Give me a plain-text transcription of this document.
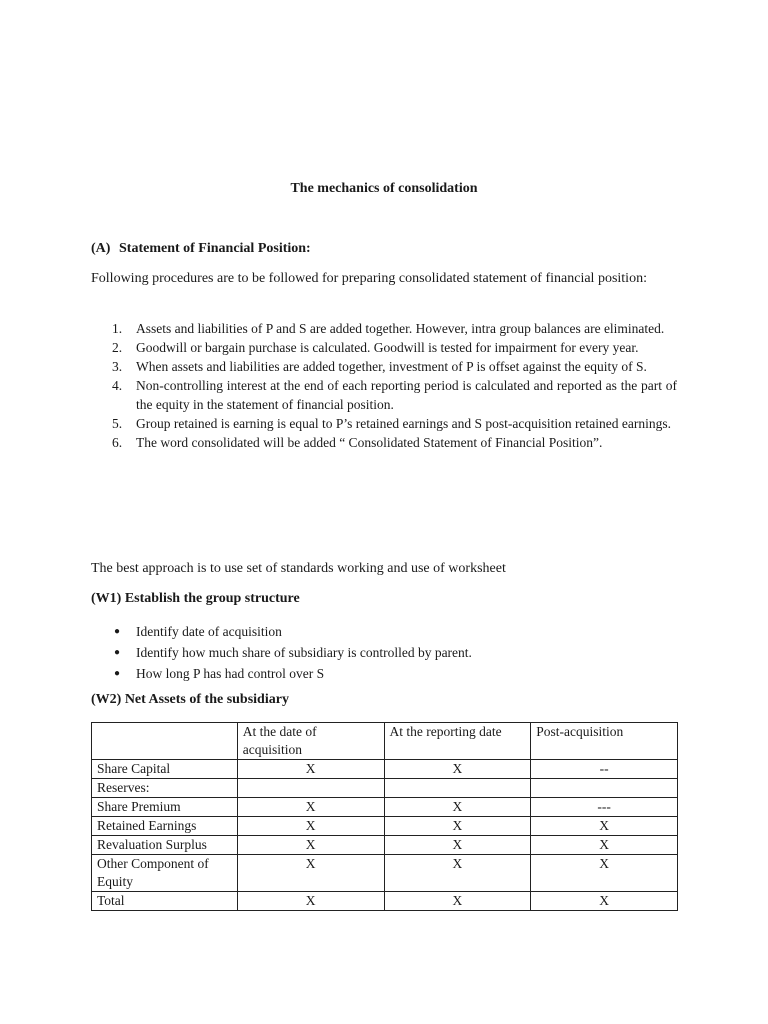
The mechanics of consolidation
(A) Statement of Financial Position:
Following procedures are to be followed for preparing consolidated statement of financial position:
1. Assets and liabilities of P and S are added together. However, intra group balances are eliminated.
2. Goodwill or bargain purchase is calculated. Goodwill is tested for impairment for every year.
3. When assets and liabilities are added together, investment of P is offset against the equity of S.
4. Non-controlling interest at the end of each reporting period is calculated and reported as the part of the equity in the statement of financial position.
5. Group retained is earning is equal to P’s retained earnings and S post-acquisition retained earnings.
6. The word consolidated will be added “ Consolidated Statement of Financial Position”.
The best approach is to use set of standards working and use of worksheet
(W1) Establish the group structure
● Identify date of acquisition
● Identify how much share of subsidiary is controlled by parent.
● How long P has had control over S
(W2) Net Assets of the subsidiary
	At the date of acquisition	At the reporting date	Post-acquisition
Share Capital	X	X	--
Reserves:			
Share Premium	X	X	---
Retained Earnings	X	X	X
Revaluation Surplus	X	X	X
Other Component of Equity	X	X	X
Total	X	X	X
